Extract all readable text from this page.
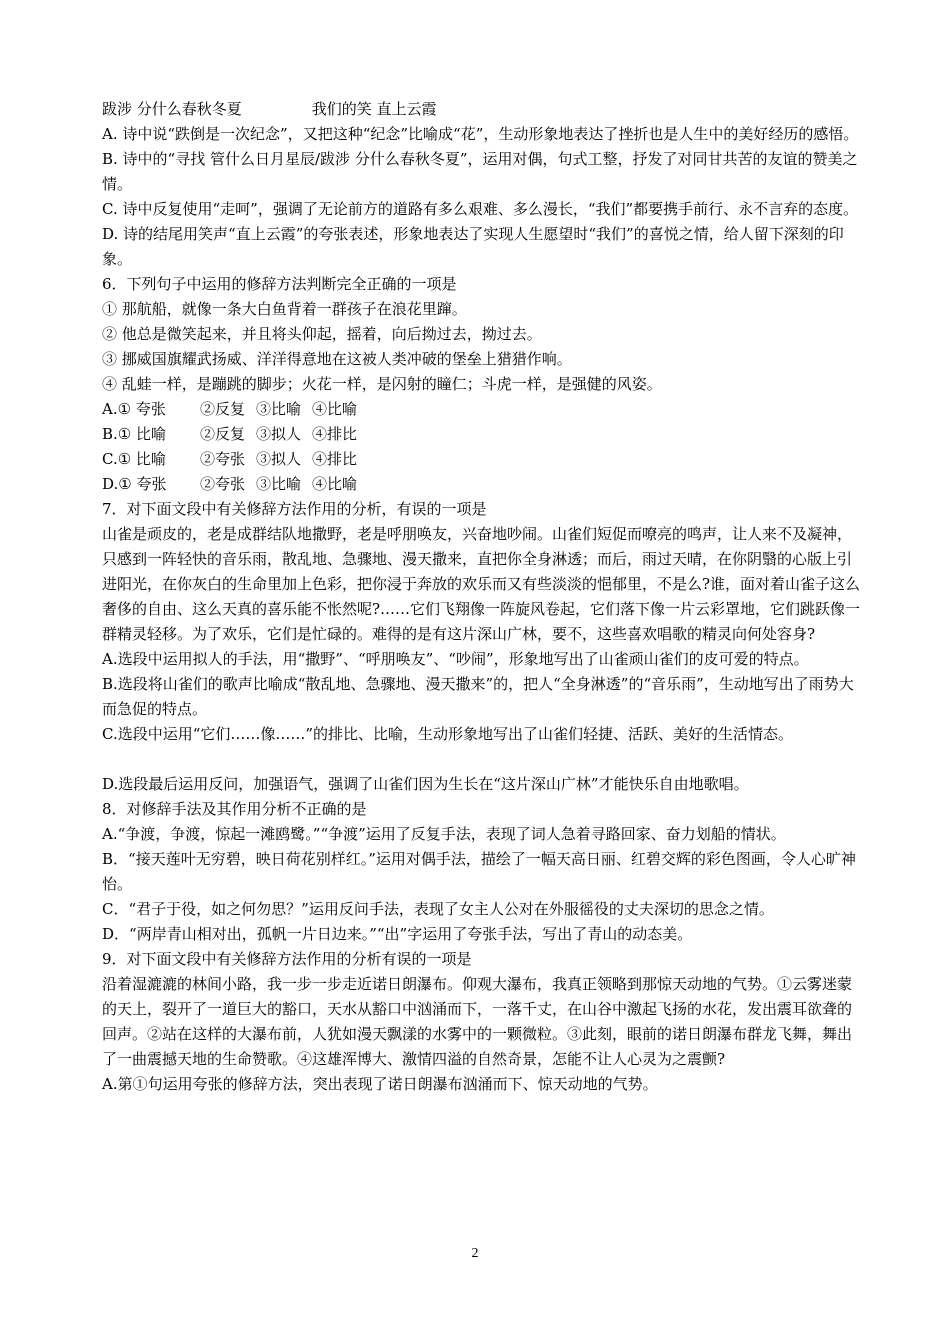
跋涉 分什么春秋冬夏	我们的笑 直上云霞

A. 诗中说“跌倒是一次纪念”，又把这种“纪念”比喻成“花”，生动形象地表达了挫折也是人生中的美好经历的感悟。

B. 诗中的“寻找 管什么日月星辰/跋涉 分什么春秋冬夏”，运用对偶，句式工整，抒发了对同甘共苦的友谊的赞美之情。

C. 诗中反复使用“走呵”，强调了无论前方的道路有多么艰难、多么漫长，“我们”都要携手前行、永不言弃的态度。

D. 诗的结尾用笑声“直上云霞”的夸张表述，形象地表达了实现人生愿望时“我们”的喜悦之情，给人留下深刻的印象。

6．下列句子中运用的修辞方法判断完全正确的一项是

① 那航船，就像一条大白鱼背着一群孩子在浪花里蹿。

② 他总是微笑起来，并且将头仰起，摇着，向后拗过去，拗过去。

③ 挪威国旗耀武扬威、洋洋得意地在这被人类冲破的堡垒上猎猎作响。

④ 乱蛙一样，是蹦跳的脚步；火花一样，是闪射的瞳仁；斗虎一样，是强健的风姿。

A.① 夸张 ②反复 ③比喻 ④比喻

B.① 比喻 ②反复 ③拟人 ④排比

C.① 比喻 ②夸张 ③拟人 ④排比

D.① 夸张 ②夸张 ③比喻 ④比喻

7．对下面文段中有关修辞方法作用的分析，有误的一项是

山雀是顽皮的，老是成群结队地撒野，老是呼朋唤友，兴奋地吵闹。山雀们短促而嘹亮的鸣声，让人来不及凝神，只感到一阵轻快的音乐雨，散乱地、急骤地、漫天撒来，直把你全身淋透；而后，雨过天晴，在你阴翳的心版上引进阳光，在你灰白的生命里加上色彩，把你浸于奔放的欢乐而又有些淡淡的悒郁里，不是么?谁，面对着山雀子这么奢侈的自由、这么天真的喜乐能不怅然呢?……它们飞翔像一阵旋风卷起，它们落下像一片云彩罩地，它们跳跃像一群精灵轻移。为了欢乐，它们是忙碌的。难得的是有这片深山广林，要不，这些喜欢唱歌的精灵向何处容身?

A.选段中运用拟人的手法，用“撒野”、“呼朋唤友”、“吵闹”，形象地写出了山雀顽山雀们的皮可爱的特点。

B.选段将山雀们的歌声比喻成“散乱地、急骤地、漫天撒来”的，把人“全身淋透”的“音乐雨”，生动地写出了雨势大而急促的特点。

C.选段中运用“它们……像……”的排比、比喻，生动形象地写出了山雀们轻捷、活跃、美好的生活情态。

D.选段最后运用反问，加强语气，强调了山雀们因为生长在“这片深山广林”才能快乐自由地歌唱。

8．对修辞手法及其作用分析不正确的是

A.“争渡，争渡，惊起一滩鸥鹭。”“争渡”运用了反复手法，表现了词人急着寻路回家、奋力划船的情状。

B．“接天莲叶无穷碧，映日荷花别样红。”运用对偶手法，描绘了一幅天高日丽、红碧交辉的彩色图画，令人心旷神怡。

C．“君子于役，如之何勿思？”运用反问手法，表现了女主人公对在外服徭役的丈夫深切的思念之情。

D．“两岸青山相对出，孤帆一片日边来。”“出”字运用了夸张手法，写出了青山的动态美。

9．对下面文段中有关修辞方法作用的分析有误的一项是

沿着湿漉漉的林间小路，我一步一步走近诺日朗瀑布。仰观大瀑布，我真正领略到那惊天动地的气势。①云雾迷蒙的天上，裂开了一道巨大的豁口，天水从豁口中汹涌而下，一落千丈，在山谷中激起飞扬的水花，发出震耳欲聋的回声。②站在这样的大瀑布前，人犹如漫天飘漾的水雾中的一颗微粒。③此刻，眼前的诺日朗瀑布群龙飞舞，舞出了一曲震撼天地的生命赞歌。④这雄浑博大、激情四溢的自然奇景，怎能不让人心灵为之震颤?

A.第①句运用夸张的修辞方法，突出表现了诺日朗瀑布汹涌而下、惊天动地的气势。

2
